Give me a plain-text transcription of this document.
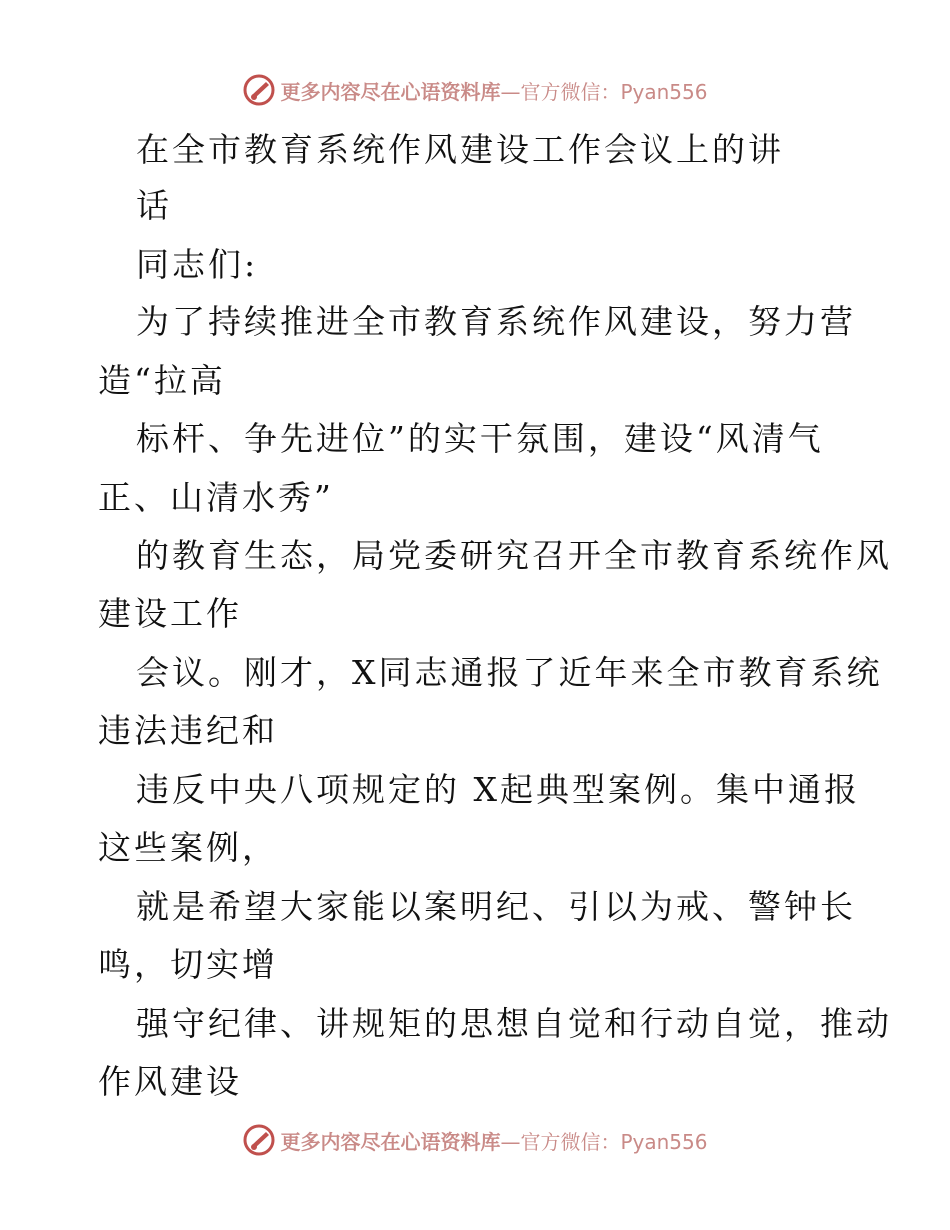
更多内容尽在心语资料库—官方微信：Pyan556
在全市教育系统作风建设工作会议上的讲
话
同志们:
为了持续推进全市教育系统作风建设，努力营
造“拉高
标杆、争先进位”的实干氛围，建设“风清气
正、山清水秀”
的教育生态，局党委研究召开全市教育系统作风
建设工作
会议。刚才，X同志通报了近年来全市教育系统
违法违纪和
违反中央八项规定的 X起典型案例。集中通报
这些案例，
就是希望大家能以案明纪、引以为戒、警钟长
鸣，切实增
强守纪律、讲规矩的思想自觉和行动自觉，推动
作风建设
更多内容尽在心语资料库—官方微信：Pyan556
